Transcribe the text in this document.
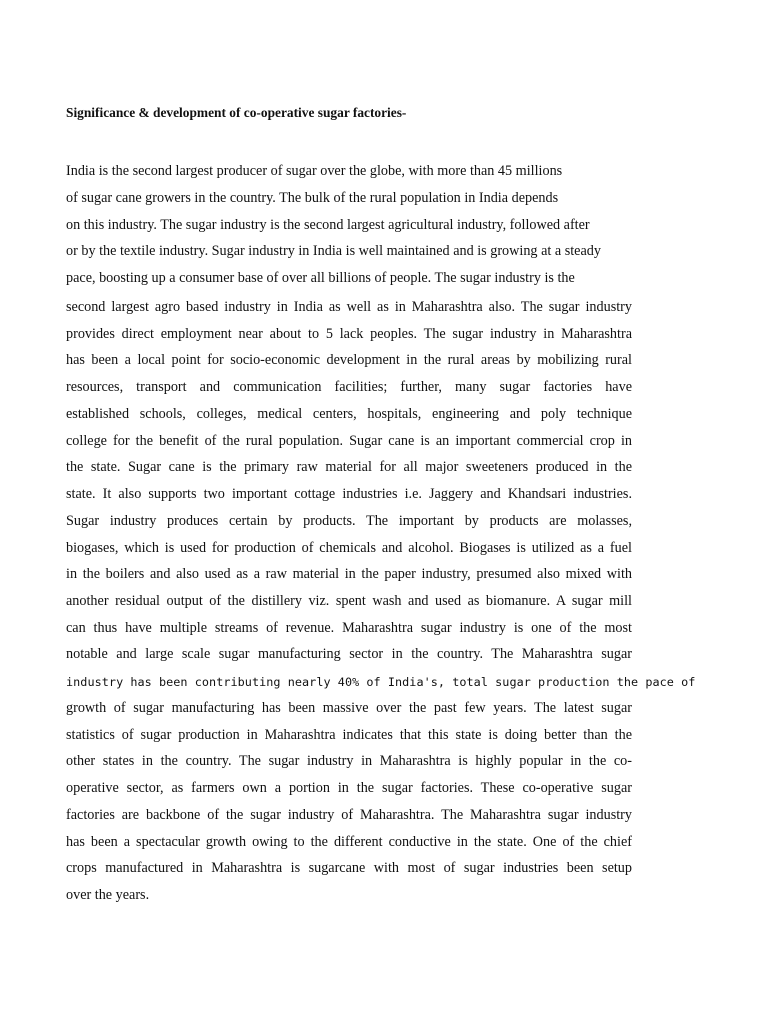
Significance & development of co-operative sugar factories-
India is the second largest producer of sugar over the globe, with more than 45 millions
of sugar cane growers in the country. The bulk of the rural population in India depends
on this industry. The sugar industry is the second largest agricultural industry, followed after
or by the textile industry. Sugar industry in India is well maintained and is growing at a steady
pace, boosting up a consumer base of over all billions of people. The sugar industry is the
second largest agro based industry in India as well as in Maharashtra also. The sugar industry
provides direct employment near about to 5 lack peoples. The sugar industry in Maharashtra
has been a local point for socio-economic development in the rural areas by mobilizing rural
resources, transport and communication facilities; further, many sugar factories have
established schools, colleges, medical centers, hospitals, engineering and poly technique
college for the benefit of the rural population. Sugar cane is an important commercial crop in
the state. Sugar cane is the primary raw material for all major sweeteners produced in the
state. It also supports two important cottage industries i.e. Jaggery and Khandsari industries.
Sugar industry produces certain by products. The important by products are molasses,
biogases, which is used for production of chemicals and alcohol. Biogases is utilized as a fuel
in the boilers and also used as a raw material in the paper industry, presumed also mixed with
another residual output of the distillery viz. spent wash and used as biomanure. A sugar mill
can thus have multiple streams of revenue. Maharashtra sugar industry is one of the most
notable and large scale sugar manufacturing sector in the country. The Maharashtra sugar
industry has been contributing nearly 40% of India's, total sugar production the pace of
growth of sugar manufacturing has been massive over the past few years. The latest sugar
statistics of sugar production in Maharashtra indicates that this state is doing better than the
other states in the country. The sugar industry in Maharashtra is highly popular in the co-
operative sector, as farmers own a portion in the sugar factories. These co-operative sugar
factories are backbone of the sugar industry of Maharashtra. The Maharashtra sugar industry
has been a spectacular growth owing to the different conductive in the state. One of the chief
crops manufactured in Maharashtra is sugarcane with most of sugar industries been setup
over the years.
